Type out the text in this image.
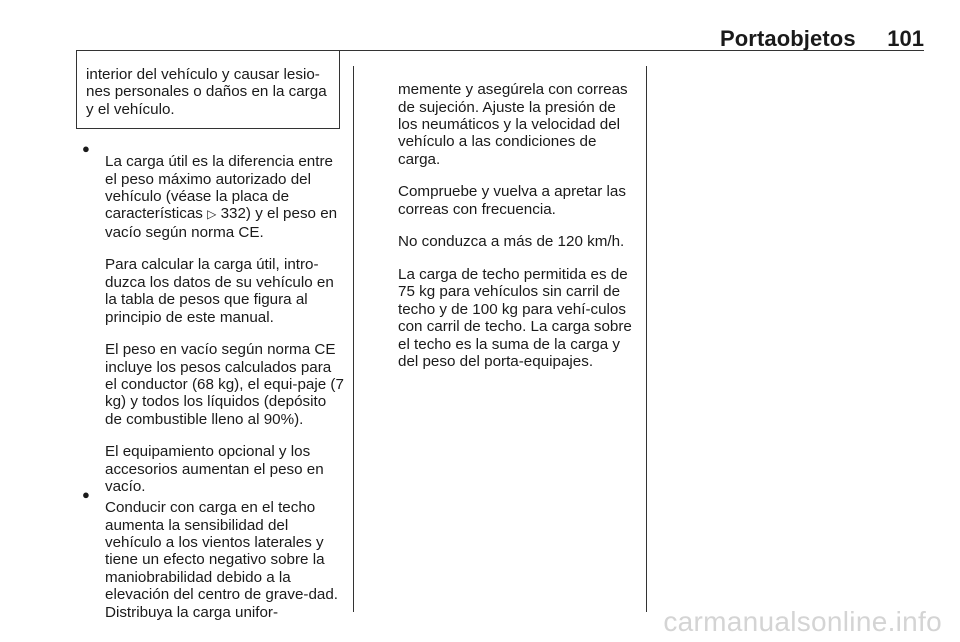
Portaobjetos	101
interior del vehículo y causar lesio-nes personales o daños en la carga y el vehículo.
●

La carga útil es la diferencia entre el peso máximo autorizado del vehículo (véase la placa de características ▷ 332) y el peso en vacío según norma CE.

Para calcular la carga útil, intro-duzca los datos de su vehículo en la tabla de pesos que figura al principio de este manual.

El peso en vacío según norma CE incluye los pesos calculados para el conductor (68 kg), el equi-paje (7 kg) y todos los líquidos (depósito de combustible lleno al 90%).

El equipamiento opcional y los accesorios aumentan el peso en vacío.

●

Conducir con carga en el techo aumenta la sensibilidad del vehículo a los vientos laterales y tiene un efecto negativo sobre la maniobrabilidad debido a la elevación del centro de grave-dad. Distribuya la carga unifor-

memente y asegúrela con correas de sujeción. Ajuste la presión de los neumáticos y la velocidad del vehículo a las condiciones de carga.

Compruebe y vuelva a apretar las correas con frecuencia.

No conduzca a más de 120 km/h.

La carga de techo permitida es de 75 kg para vehículos sin carril de techo y de 100 kg para vehí-culos con carril de techo. La carga sobre el techo es la suma de la carga y del peso del porta-equipajes.

carmanualsonline.info
